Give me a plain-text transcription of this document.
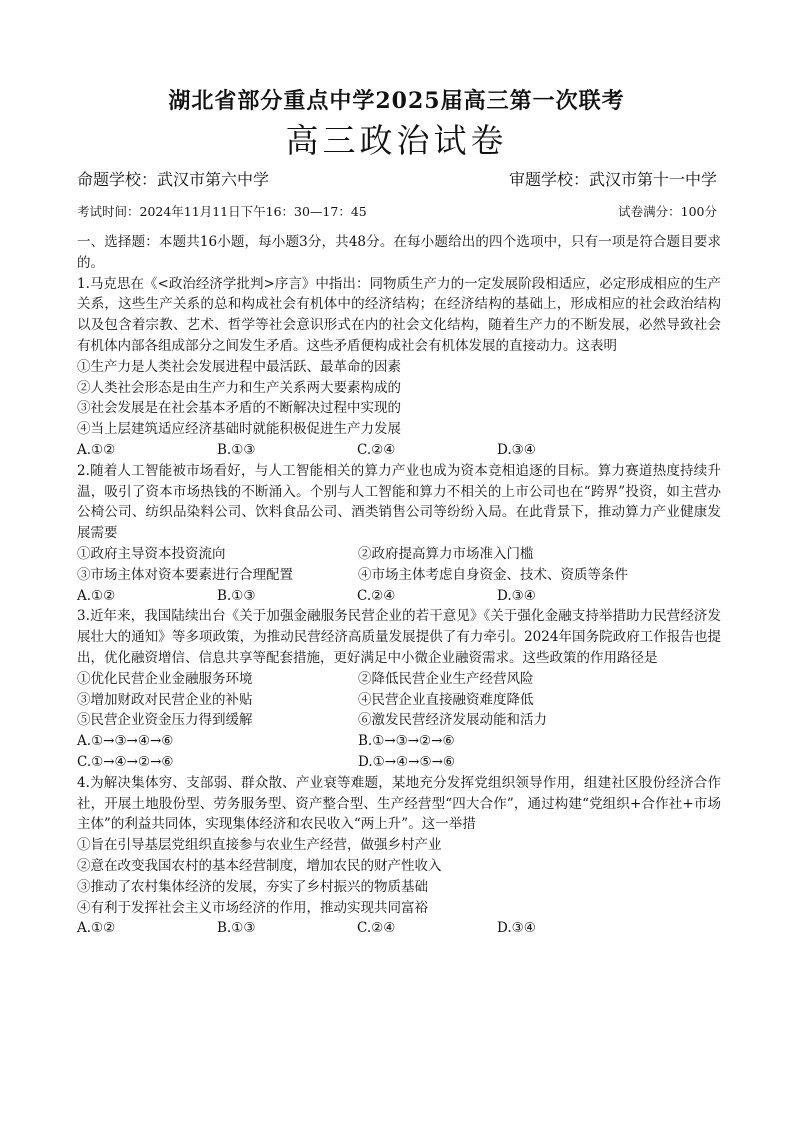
湖北省部分重点中学2025届高三第一次联考
高三政治试卷
命题学校：武汉市第六中学	审题学校：武汉市第十一中学
考试时间：2024年11月11日下午16：30—17：45	试卷满分：100分

一、选择题：本题共16小题，每小题3分，共48分。在每小题给出的四个选项中，只有一项是符合题目要求的。

1.马克思在《<政治经济学批判>序言》中指出：同物质生产力的一定发展阶段相适应，必定形成相应的生产关系，这些生产关系的总和构成社会有机体中的经济结构；在经济结构的基础上，形成相应的社会政治结构以及包含着宗教、艺术、哲学等社会意识形式在内的社会文化结构，随着生产力的不断发展，必然导致社会有机体内部各组成部分之间发生矛盾。这些矛盾便构成社会有机体发展的直接动力。这表明

①生产力是人类社会发展进程中最活跃、最革命的因素

②人类社会形态是由生产力和生产关系两大要素构成的

③社会发展是在社会基本矛盾的不断解决过程中实现的

④当上层建筑适应经济基础时就能积极促进生产力发展

A.①②	B.①③	C.②④	D.③④

2.随着人工智能被市场看好，与人工智能相关的算力产业也成为资本竞相追逐的目标。算力赛道热度持续升温，吸引了资本市场热钱的不断涌入。个别与人工智能和算力不相关的上市公司也在“跨界”投资，如主营办公椅公司、纺织品染料公司、饮料食品公司、酒类销售公司等纷纷入局。在此背景下，推动算力产业健康发展需要

①政府主导资本投资流向	②政府提高算力市场准入门槛
③市场主体对资本要素进行合理配置	④市场主体考虑自身资金、技术、资质等条件
A.①②	B.①③	C.②④	D.③④

3.近年来，我国陆续出台《关于加强金融服务民营企业的若干意见》《关于强化金融支持举措助力民营经济发展壮大的通知》等多项政策，为推动民营经济高质量发展提供了有力牵引。2024年国务院政府工作报告也提出，优化融资增信、信息共享等配套措施，更好满足中小微企业融资需求。这些政策的作用路径是

①优化民营企业金融服务环境	②降低民营企业生产经营风险
③增加财政对民营企业的补贴	④民营企业直接融资难度降低
⑤民营企业资金压力得到缓解	⑥激发民营经济发展动能和活力
A.①→③→④→⑥	B.①→③→②→⑥
C.①→④→②→⑥	D.①→④→⑤→⑥

4.为解决集体穷、支部弱、群众散、产业衰等难题，某地充分发挥党组织领导作用，组建社区股份经济合作社，开展土地股份型、劳务服务型、资产整合型、生产经营型“四大合作”，通过构建“党组织+合作社+市场主体”的利益共同体，实现集体经济和农民收入“两上升”。这一举措

①旨在引导基层党组织直接参与农业生产经营，做强乡村产业

②意在改变我国农村的基本经营制度，增加农民的财产性收入

③推动了农村集体经济的发展，夯实了乡村振兴的物质基础

④有利于发挥社会主义市场经济的作用，推动实现共同富裕

A.①②	B.①③	C.②④	D.③④
